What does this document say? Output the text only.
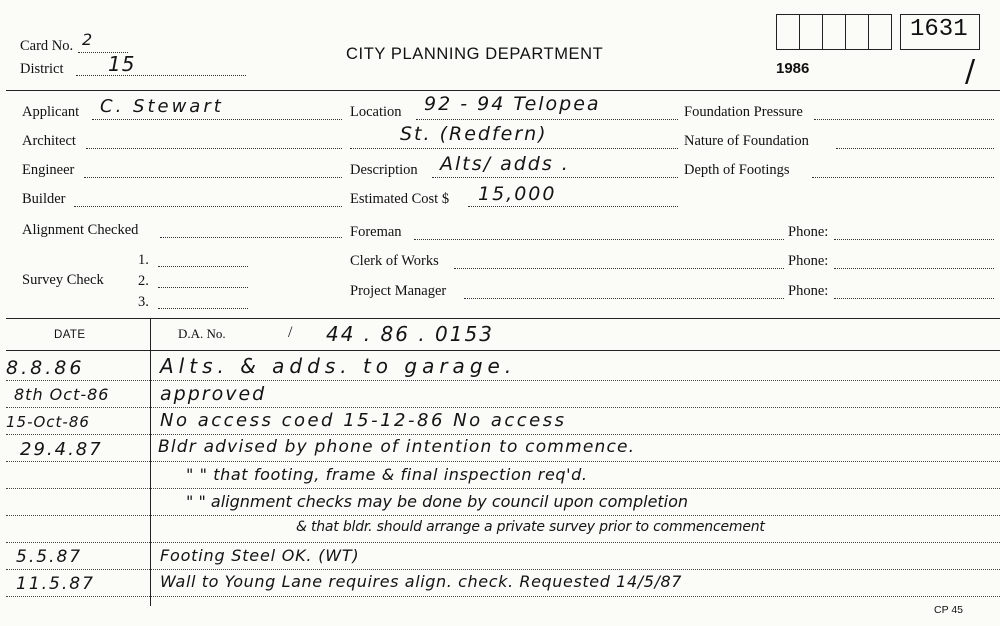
Card No. 2
District 15	CITY PLANNING DEPARTMENT
1986
1631
/
Applicant C. Stewart
Architect
Engineer
Builder
Alignment Checked
Survey Check
1.
2.
3.
Location 92 - 94 Telopea
St. (Redfern)
Description Alts/ adds .
Estimated Cost $ 15,000
Foreman	Phone:
Clerk of Works	Phone:
Project Manager	Phone:
Foundation Pressure
Nature of Foundation
Depth of Footings
DATE	D.A. No.	/ 44 . 86 . 0153
8.8.86	Alts. & adds. to garage.
8th Oct-86	approved
15-Oct-86	No access coed 15-12-86 No access
29.4.87	Bldr advised by phone of intention to commence.
" " that footing, frame & final inspection req'd.
" " alignment checks may be done by council upon completion
& that bldr. should arrange a private survey prior to commencement
5.5.87	Footing Steel OK. (WT)
11.5.87	Wall to Young Lane requires align. check. Requested 14/5/87
CP 45
